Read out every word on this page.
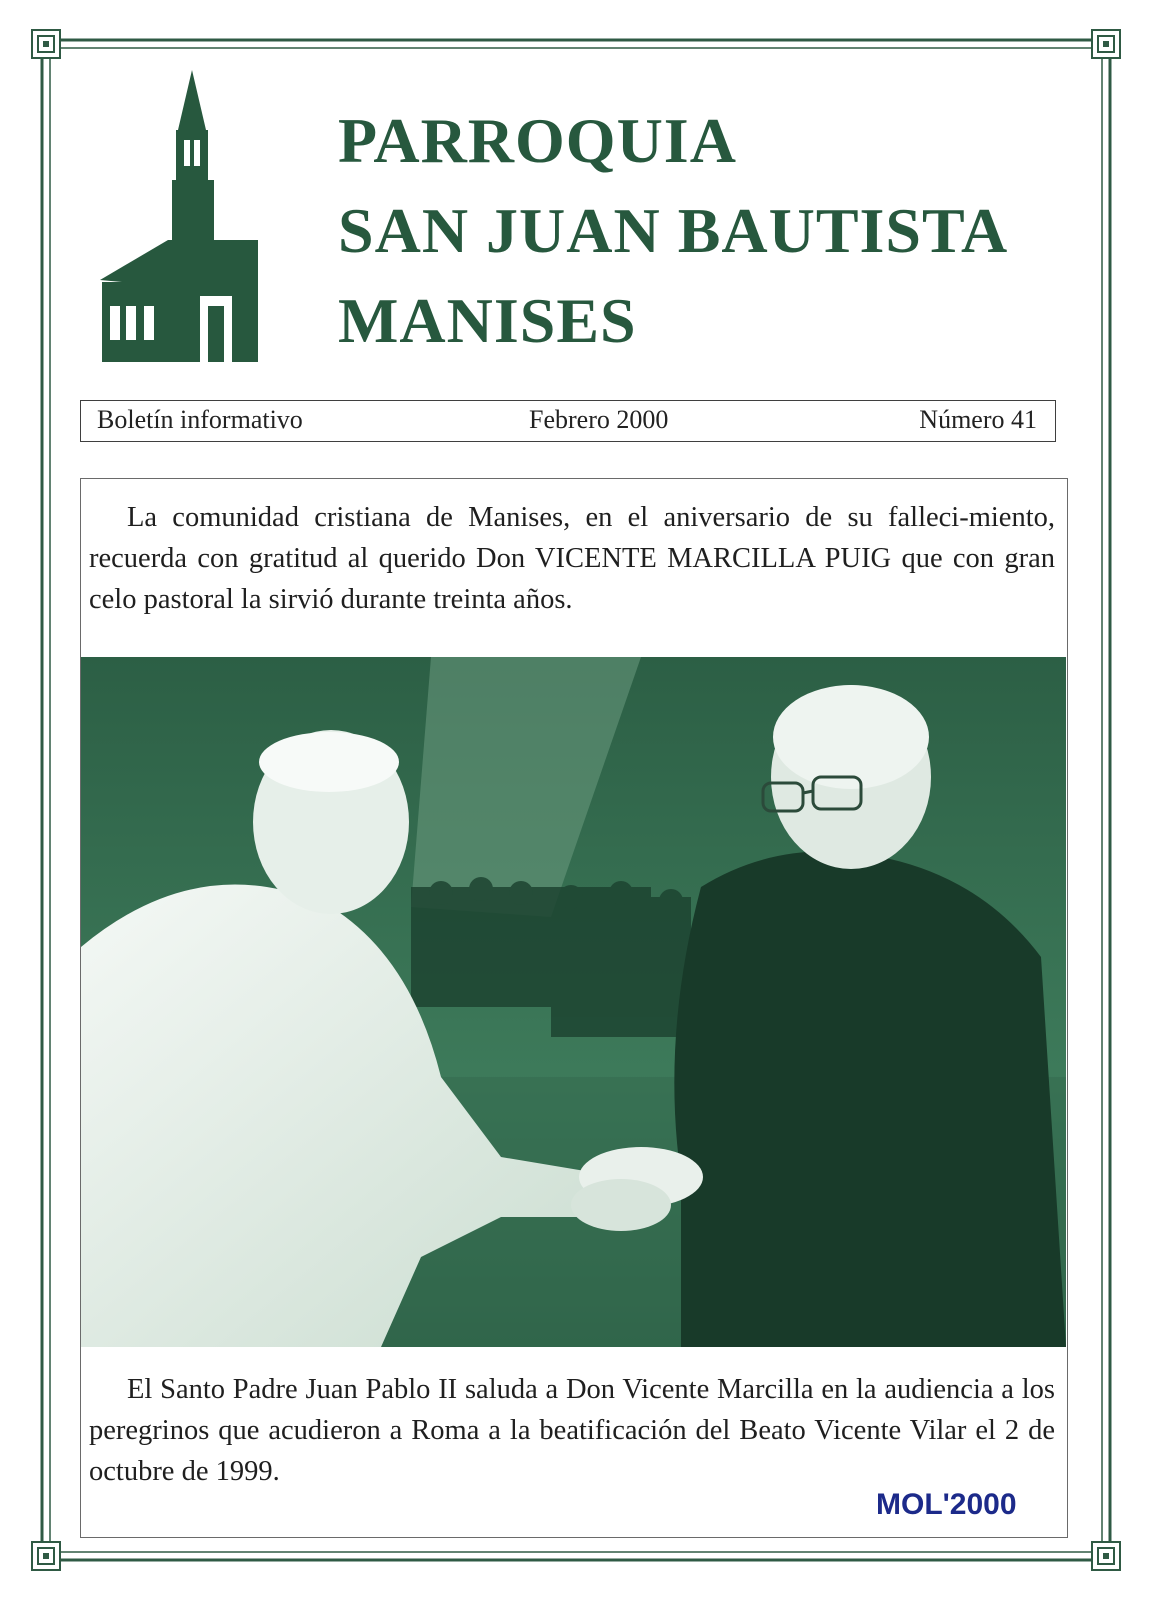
PARROQUIA
SAN JUAN BAUTISTA
MANISES
Boletín informativo	Febrero 2000	Número 41

La comunidad cristiana de Manises, en el aniversario de su falleci-miento, recuerda con gratitud al querido Don VICENTE MARCILLA PUIG que con gran celo pastoral la sirvió durante treinta años.

El Santo Padre Juan Pablo II saluda a Don Vicente Marcilla en la audiencia a los peregrinos que acudieron a Roma a la beatificación del Beato Vicente Vilar el 2 de octubre de 1999.

MOL'2000
